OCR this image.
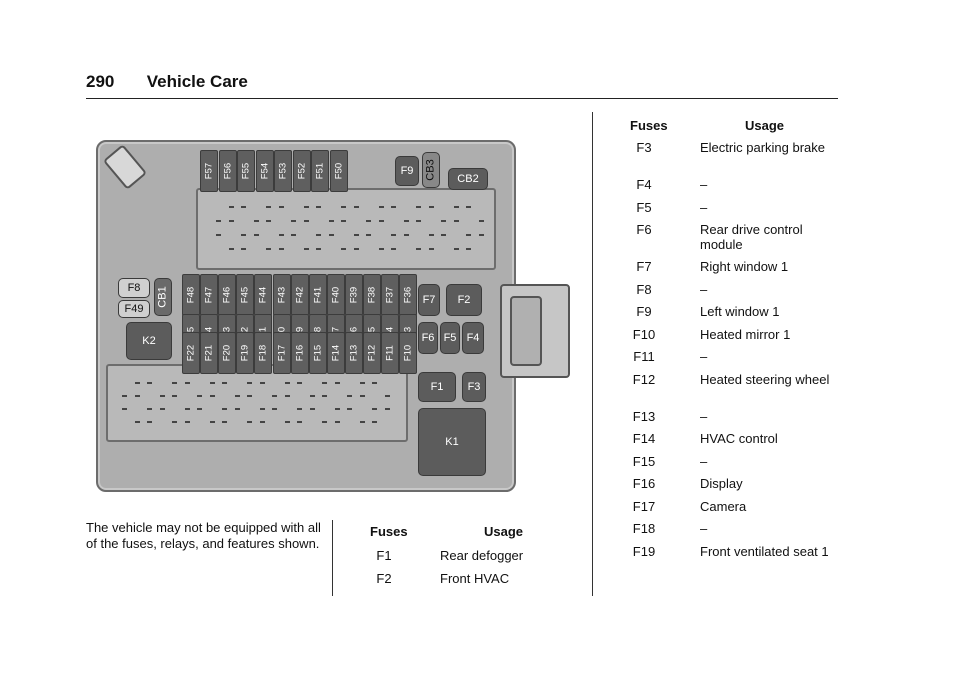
290 Vehicle Care
F57 F56 F55 F54 F53 F52 F51 F50
F48 F47 F46 F45 F44 F43 F42 F41 F40 F39 F38 F37 F36
F22 F21 F20 F19 F18 F17 F16 F15 F14 F13 F12 F11 F10
F9 CB3 CB2
F8
F49
CB1
K2
F7 F2
F6 F5 F4
F1 F3
K1
The vehicle may not be equipped with all of the fuses, relays, and features shown.
Fuses	Usage
F1	Rear defogger
F2	Front HVAC
Fuses	Usage
F3	Electric parking brake
F4	–
F5	–
F6	Rear drive control module
F7	Right window 1
F8	–
F9	Left window 1
F10	Heated mirror 1
F11	–
F12	Heated steering wheel
F13	–
F14	HVAC control
F15	–
F16	Display
F17	Camera
F18	–
F19	Front ventilated seat 1
